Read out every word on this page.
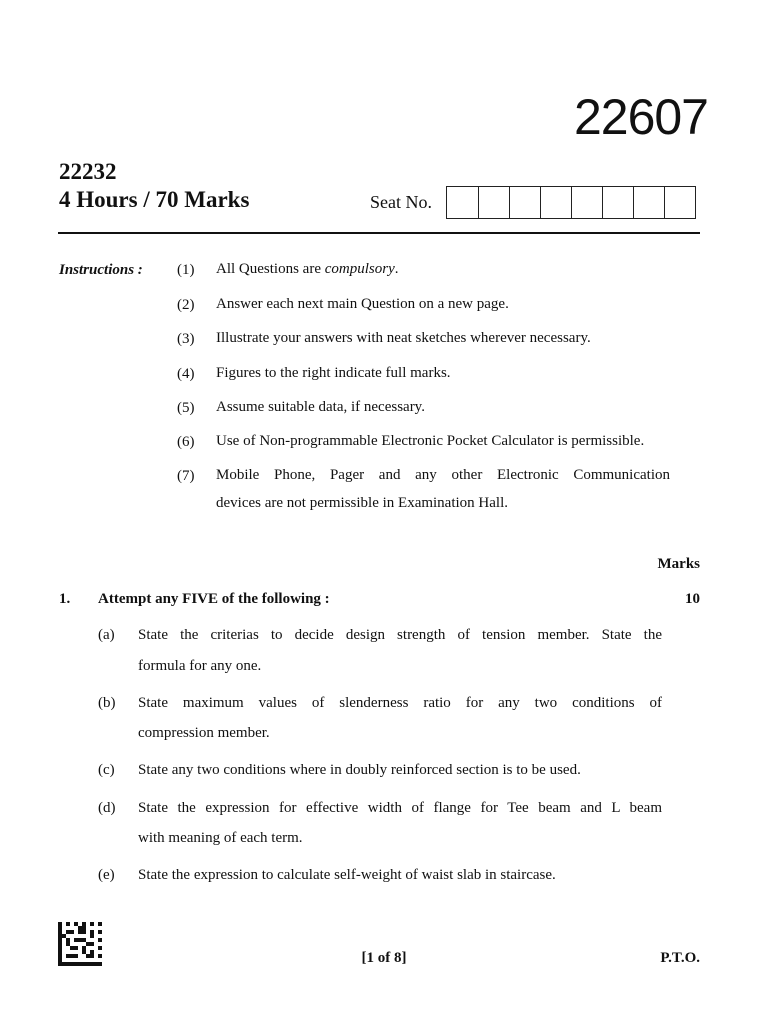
22607
22232
4 Hours / 70 Marks	Seat No.
Instructions : (1) All Questions are compulsory.
(2) Answer each next main Question on a new page.
(3) Illustrate your answers with neat sketches wherever necessary.
(4) Figures to the right indicate full marks.
(5) Assume suitable data, if necessary.
(6) Use of Non-programmable Electronic Pocket Calculator is permissible.
(7) Mobile Phone, Pager and any other Electronic Communication
devices are not permissible in Examination Hall.
Marks
1. Attempt any FIVE of the following :	10
(a) State the criterias to decide design strength of tension member. State the
formula for any one.
(b) State maximum values of slenderness ratio for any two conditions of
compression member.
(c) State any two conditions where in doubly reinforced section is to be used.
(d) State the expression for effective width of flange for Tee beam and L beam
with meaning of each term.
(e) State the expression to calculate self-weight of waist slab in staircase.
[1 of 8]	P.T.O.
